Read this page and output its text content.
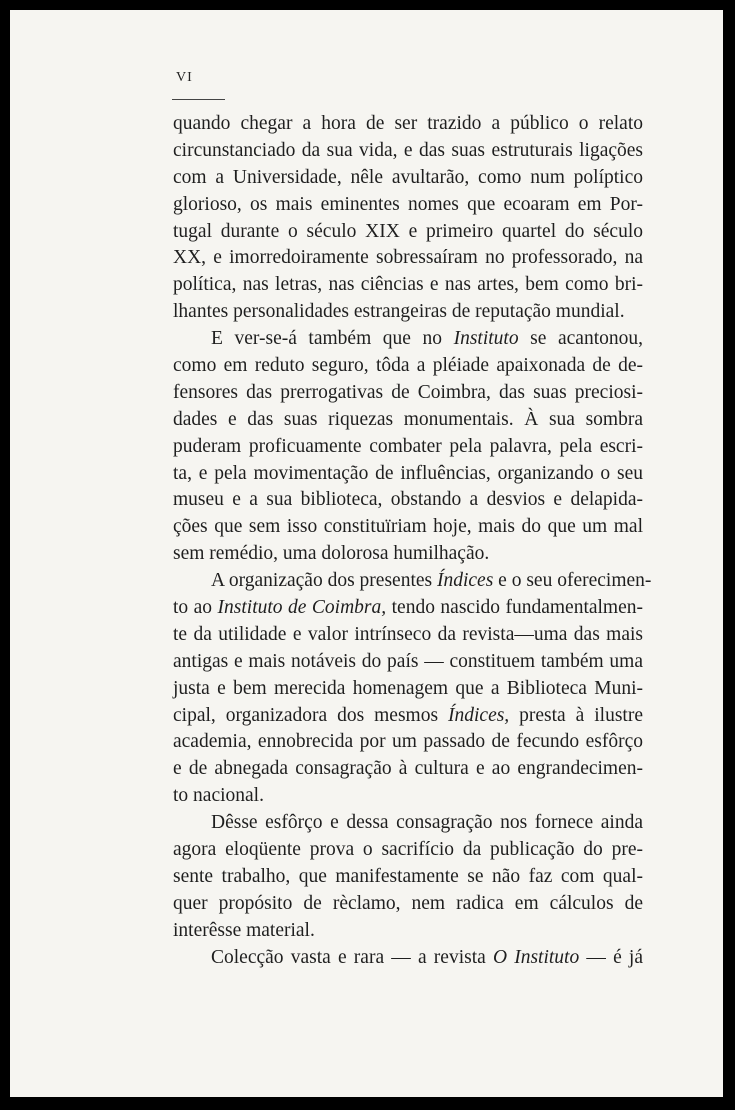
VI
quando chegar a hora de ser trazido a público o relato
circunstanciado da sua vida, e das suas estruturais ligações
com a Universidade, nêle avultarão, como num políptico
glorioso, os mais eminentes nomes que ecoaram em Por-
tugal durante o século XIX e primeiro quartel do século
XX, e imorredoiramente sobressaíram no professorado, na
política, nas letras, nas ciências e nas artes, bem como bri-
lhantes personalidades estrangeiras de reputação mundial.
E ver-se-á também que no Instituto se acantonou,
como em reduto seguro, tôda a pléiade apaixonada de de-
fensores das prerrogativas de Coimbra, das suas preciosi-
dades e das suas riquezas monumentais. À sua sombra
puderam proficuamente combater pela palavra, pela escri-
ta, e pela movimentação de influências, organizando o seu
museu e a sua biblioteca, obstando a desvios e delapida-
ções que sem isso constituïriam hoje, mais do que um mal
sem remédio, uma dolorosa humilhação.
A organização dos presentes Índices e o seu oferecimen-
to ao Instituto de Coimbra, tendo nascido fundamentalmen-
te da utilidade e valor intrínseco da revista—uma das mais
antigas e mais notáveis do país — constituem também uma
justa e bem merecida homenagem que a Biblioteca Muni-
cipal, organizadora dos mesmos Índices, presta à ilustre
academia, ennobrecida por um passado de fecundo esfôrço
e de abnegada consagração à cultura e ao engrandecimen-
to nacional.
Dêsse esfôrço e dessa consagração nos fornece ainda
agora eloqüente prova o sacrifício da publicação do pre-
sente trabalho, que manifestamente se não faz com qual-
quer propósito de rèclamo, nem radica em cálculos de
interêsse material.
Colecção vasta e rara — a revista O Instituto — é já
